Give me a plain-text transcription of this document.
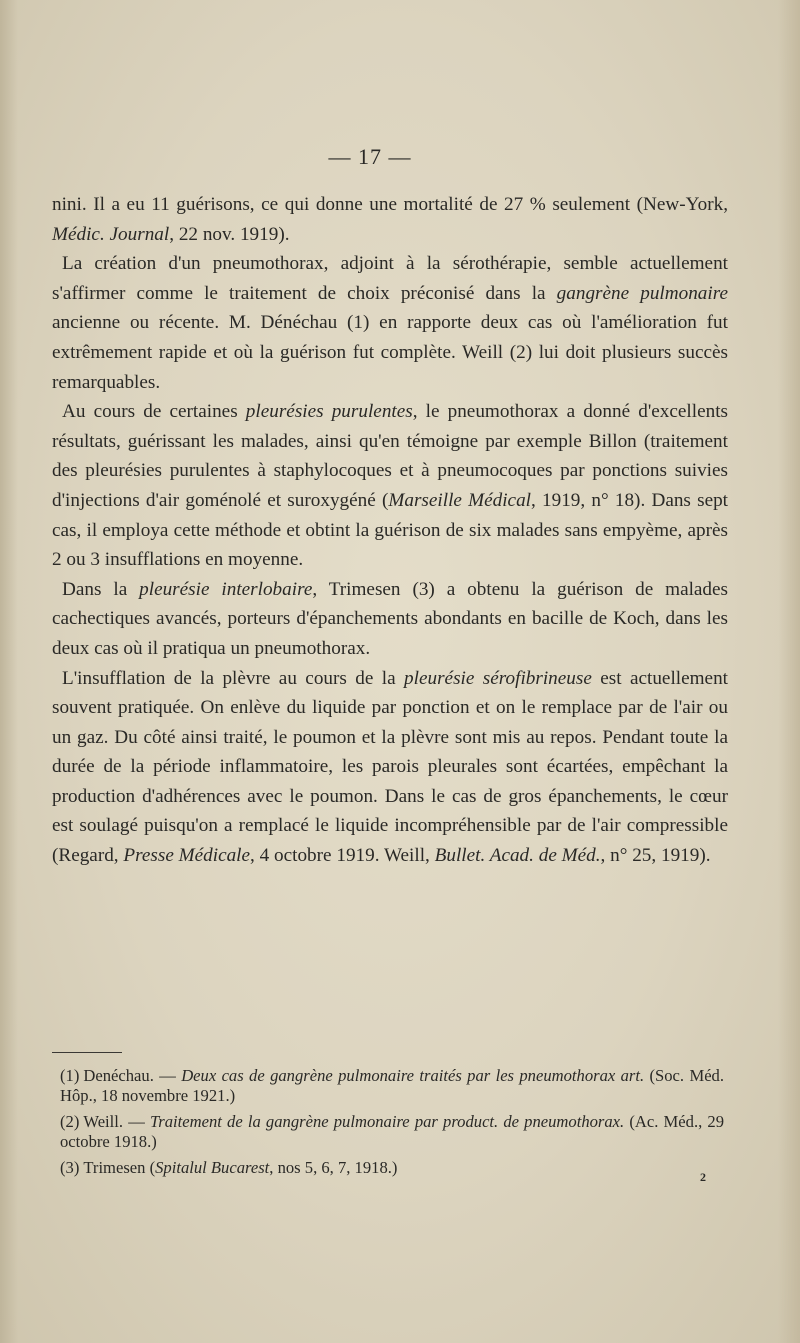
— 17 —

nini. Il a eu 11 guérisons, ce qui donne une mortalité de 27 % seulement (New-York, Médic. Journal, 22 nov. 1919).

La création d'un pneumothorax, adjoint à la sérothérapie, semble actuellement s'affirmer comme le traitement de choix préconisé dans la gangrène pulmonaire ancienne ou récente. M. Dénéchau (1) en rapporte deux cas où l'amélioration fut extrêmement rapide et où la guérison fut complète. Weill (2) lui doit plusieurs succès remarquables.

Au cours de certaines pleurésies purulentes, le pneumothorax a donné d'excellents résultats, guérissant les malades, ainsi qu'en témoigne par exemple Billon (traitement des pleurésies purulentes à staphylocoques et à pneumocoques par ponctions suivies d'injections d'air goménolé et suroxygéné (Marseille Médical, 1919, n° 18). Dans sept cas, il employa cette méthode et obtint la guérison de six malades sans empyème, après 2 ou 3 insufflations en moyenne.

Dans la pleurésie interlobaire, Trimesen (3) a obtenu la guérison de malades cachectiques avancés, porteurs d'épanchements abondants en bacille de Koch, dans les deux cas où il pratiqua un pneumothorax.

L'insufflation de la plèvre au cours de la pleurésie sérofibrineuse est actuellement souvent pratiquée. On enlève du liquide par ponction et on le remplace par de l'air ou un gaz. Du côté ainsi traité, le poumon et la plèvre sont mis au repos. Pendant toute la durée de la période inflammatoire, les parois pleurales sont écartées, empêchant la production d'adhérences avec le poumon. Dans le cas de gros épanchements, le cœur est soulagé puisqu'on a remplacé le liquide incompréhensible par de l'air compressible (Regard, Presse Médicale, 4 octobre 1919. Weill, Bullet. Acad. de Méd., n° 25, 1919).

(1) Denéchau. — Deux cas de gangrène pulmonaire traités par les pneumothorax art. (Soc. Méd. Hôp., 18 novembre 1921.)

(2) Weill. — Traitement de la gangrène pulmonaire par product. de pneumothorax. (Ac. Méd., 29 octobre 1918.)

(3) Trimesen (Spitalul Bucarest, nos 5, 6, 7, 1918.)	2
